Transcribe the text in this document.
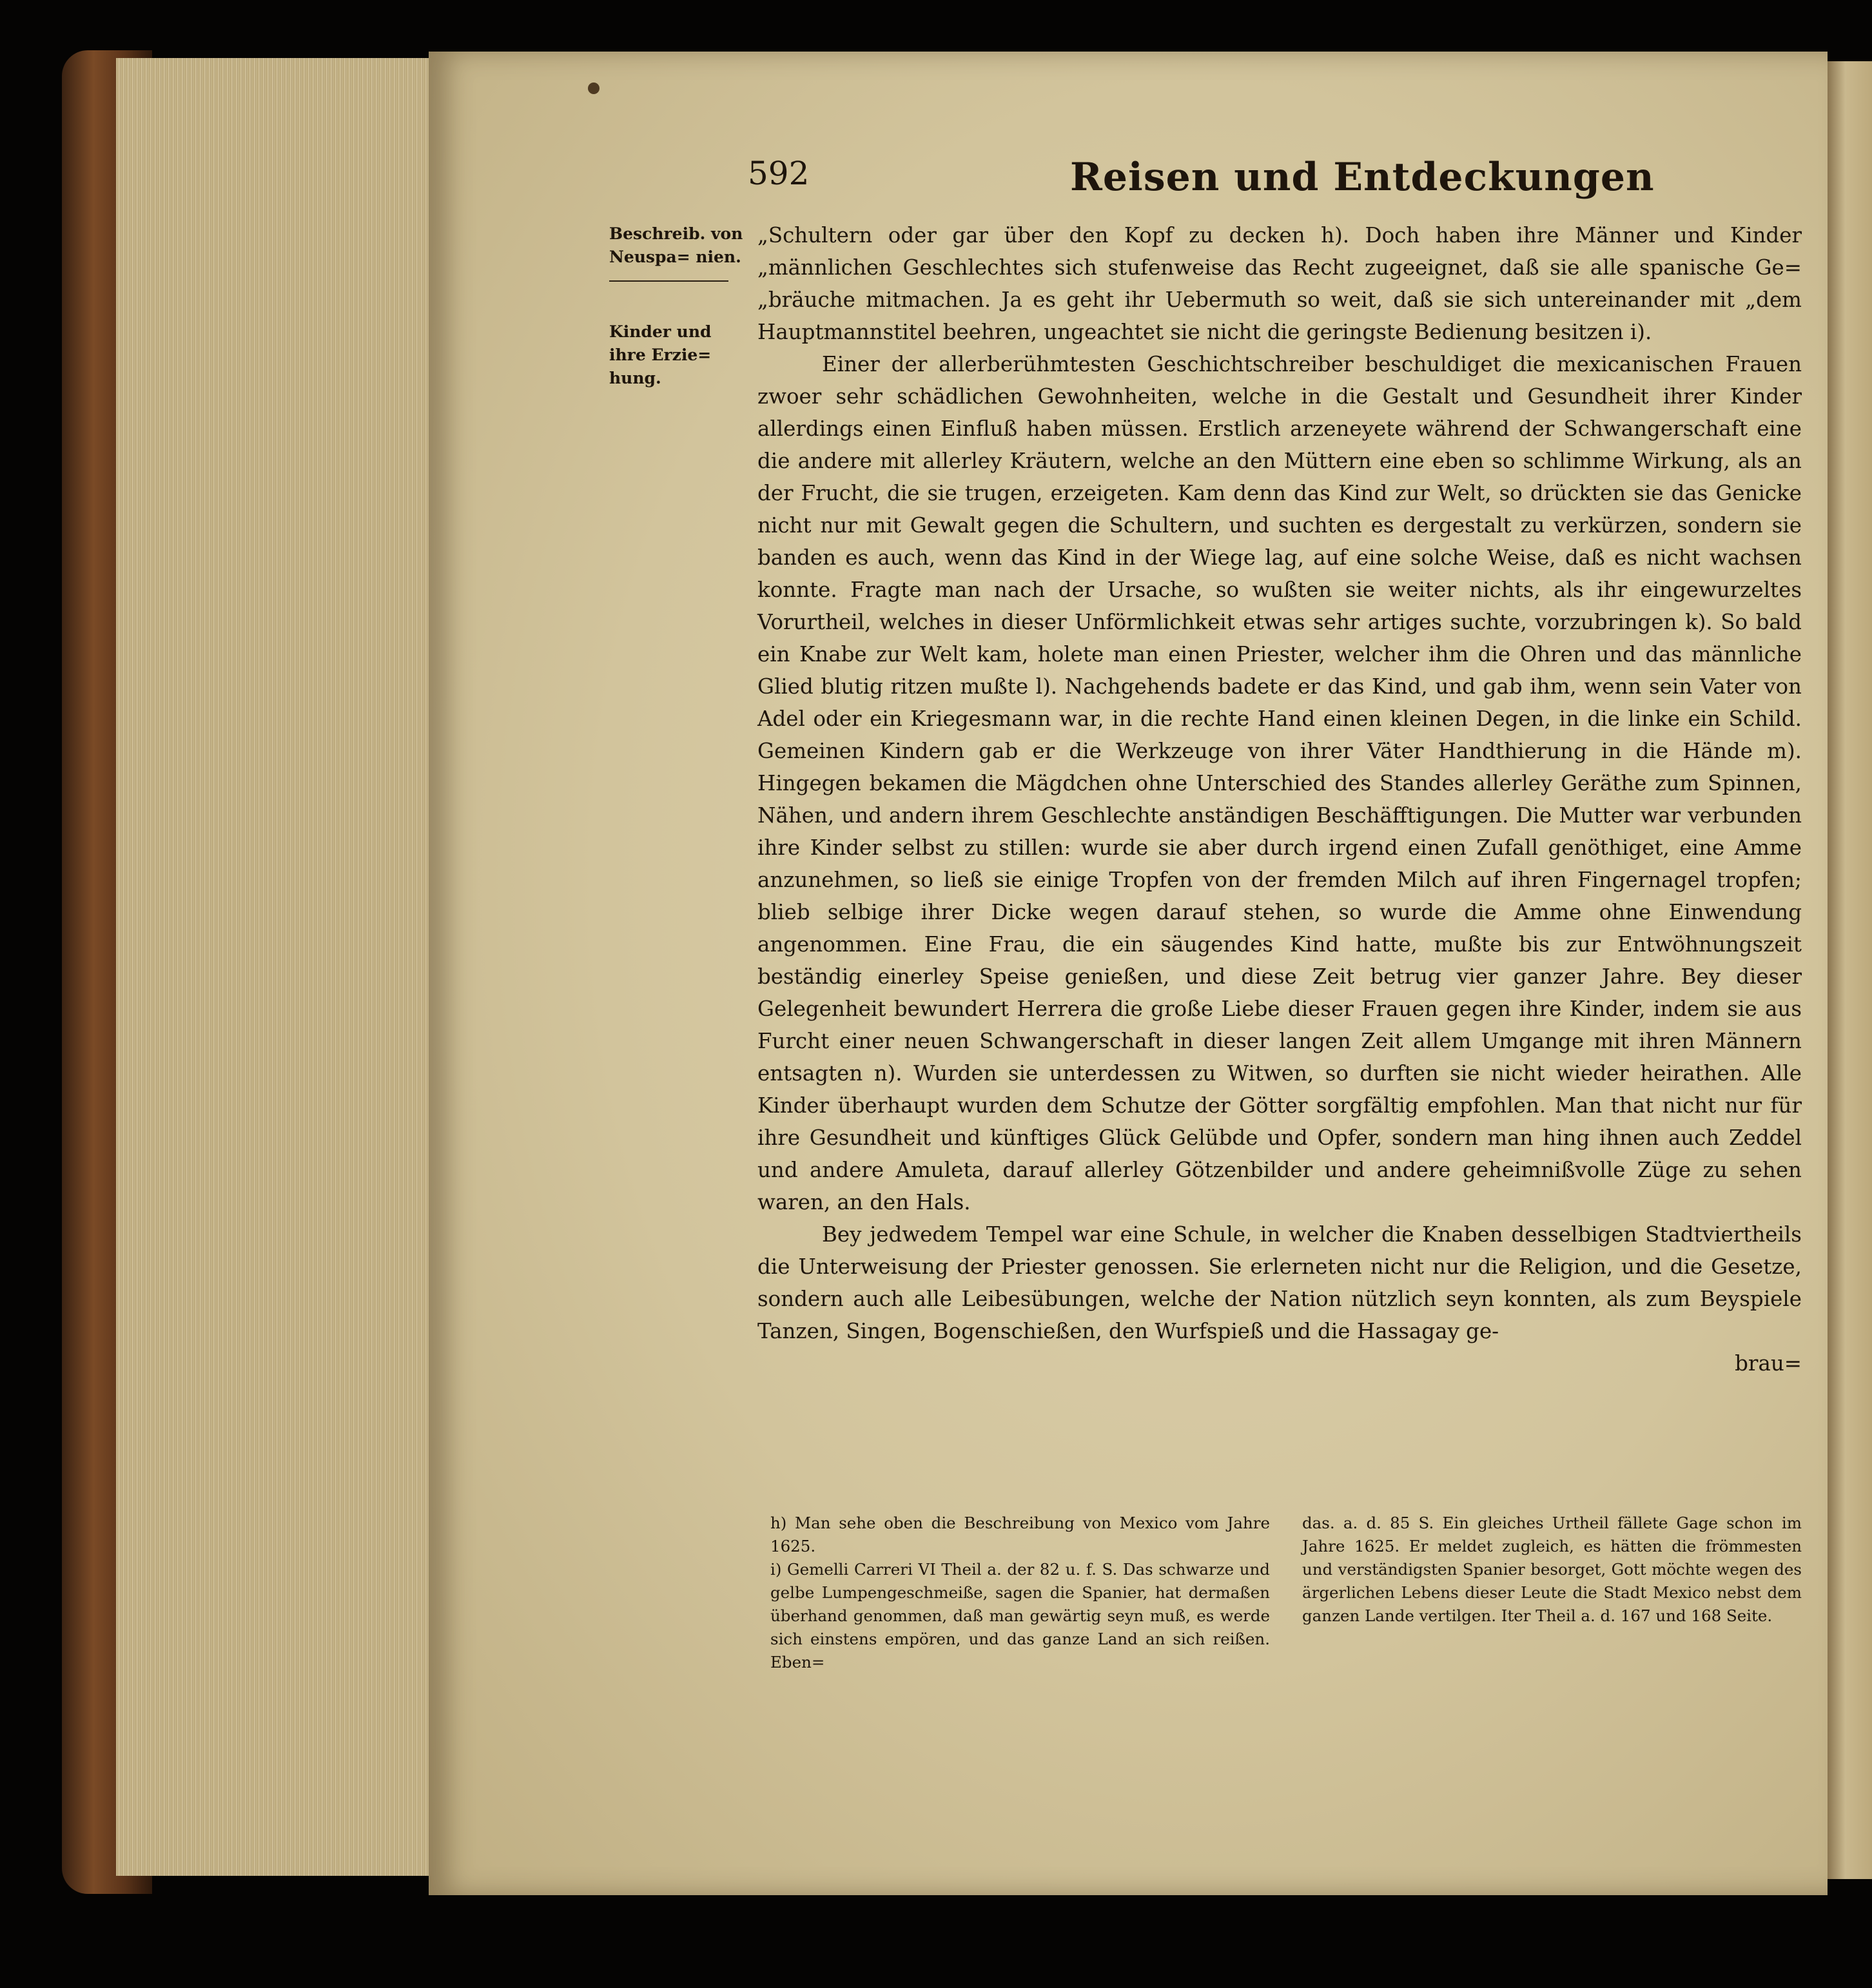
592	Reisen und Entdeckungen
Beschreib. von Neuspa= nien.
Kinder und ihre Erzie= hung.

„Schultern oder gar über den Kopf zu decken h). Doch haben ihre Männer und Kinder „männlichen Geschlechtes sich stufenweise das Recht zugeeignet, daß sie alle spanische Ge= „bräuche mitmachen. Ja es geht ihr Uebermuth so weit, daß sie sich untereinander mit „dem Hauptmannstitel beehren, ungeachtet sie nicht die geringste Bedienung besitzen i).

Einer der allerberühmtesten Geschichtschreiber beschuldiget die mexicanischen Frauen zwoer sehr schädlichen Gewohnheiten, welche in die Gestalt und Gesundheit ihrer Kinder allerdings einen Einfluß haben müssen. Erstlich arzeneyete während der Schwangerschaft eine die andere mit allerley Kräutern, welche an den Müttern eine eben so schlimme Wirkung, als an der Frucht, die sie trugen, erzeigeten. Kam denn das Kind zur Welt, so drückten sie das Genicke nicht nur mit Gewalt gegen die Schultern, und suchten es dergestalt zu verkürzen, sondern sie banden es auch, wenn das Kind in der Wiege lag, auf eine solche Weise, daß es nicht wachsen konnte. Fragte man nach der Ursache, so wußten sie weiter nichts, als ihr eingewurzeltes Vorurtheil, welches in dieser Unförmlichkeit etwas sehr artiges suchte, vorzubringen k). So bald ein Knabe zur Welt kam, holete man einen Priester, welcher ihm die Ohren und das männliche Glied blutig ritzen mußte l). Nachgehends badete er das Kind, und gab ihm, wenn sein Vater von Adel oder ein Kriegesmann war, in die rechte Hand einen kleinen Degen, in die linke ein Schild. Gemeinen Kindern gab er die Werkzeuge von ihrer Väter Handthierung in die Hände m). Hingegen bekamen die Mägdchen ohne Unterschied des Standes allerley Geräthe zum Spinnen, Nähen, und andern ihrem Geschlechte anständigen Beschäfftigungen. Die Mutter war verbunden ihre Kinder selbst zu stillen: wurde sie aber durch irgend einen Zufall genöthiget, eine Amme anzunehmen, so ließ sie einige Tropfen von der fremden Milch auf ihren Fingernagel tropfen; blieb selbige ihrer Dicke wegen darauf stehen, so wurde die Amme ohne Einwendung angenommen. Eine Frau, die ein säugendes Kind hatte, mußte bis zur Entwöhnungszeit beständig einerley Speise genießen, und diese Zeit betrug vier ganzer Jahre. Bey dieser Gelegenheit bewundert Herrera die große Liebe dieser Frauen gegen ihre Kinder, indem sie aus Furcht einer neuen Schwangerschaft in dieser langen Zeit allem Umgange mit ihren Männern entsagten n). Wurden sie unterdessen zu Witwen, so durften sie nicht wieder heirathen. Alle Kinder überhaupt wurden dem Schutze der Götter sorgfältig empfohlen. Man that nicht nur für ihre Gesundheit und künftiges Glück Gelübde und Opfer, sondern man hing ihnen auch Zeddel und andere Amuleta, darauf allerley Götzenbilder und andere geheimnißvolle Züge zu sehen waren, an den Hals.

Bey jedwedem Tempel war eine Schule, in welcher die Knaben desselbigen Stadtviertheils die Unterweisung der Priester genossen. Sie erlerneten nicht nur die Religion, und die Gesetze, sondern auch alle Leibesübungen, welche der Nation nützlich seyn konnten, als zum Beyspiele Tanzen, Singen, Bogenschießen, den Wurfspieß und die Hassagay ge-

brau=

h) Man sehe oben die Beschreibung von Mexico vom Jahre 1625.

i) Gemelli Carreri VI Theil a. der 82 u. f. S. Das schwarze und gelbe Lumpengeschmeiße, sagen die Spanier, hat dermaßen überhand genommen, daß man gewärtig seyn muß, es werde sich einstens empören, und das ganze Land an sich reißen. Eben=

das. a. d. 85 S. Ein gleiches Urtheil fällete Gage schon im Jahre 1625. Er meldet zugleich, es hätten die frömmesten und verständigsten Spanier besorget, Gott möchte wegen des ärgerlichen Lebens dieser Leute die Stadt Mexico nebst dem ganzen Lande vertilgen. Iter Theil a. d. 167 und 168 Seite.
